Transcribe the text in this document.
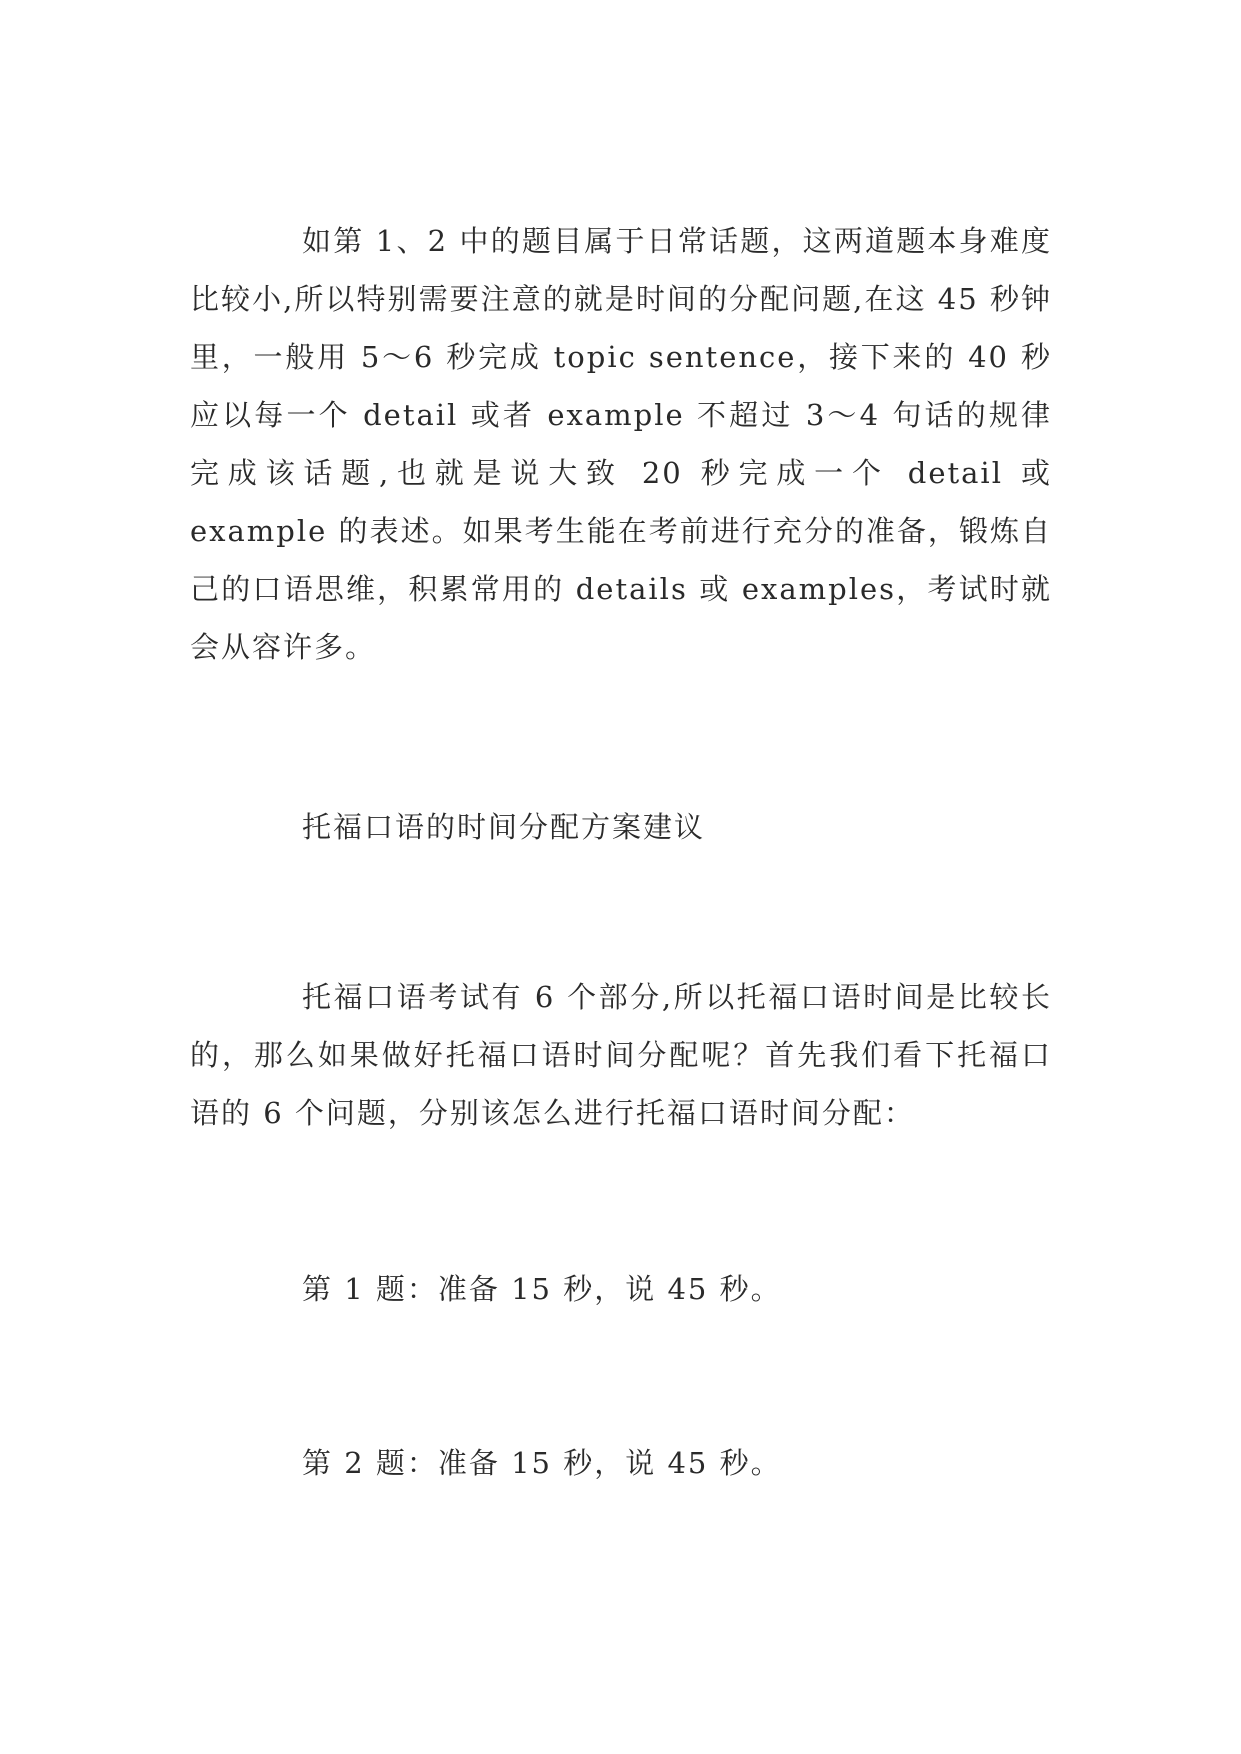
如第 1、2 中的题目属于日常话题，这两道题本身难度比较小,所以特别需要注意的就是时间的分配问题,在这 45 秒钟里，一般用 5～6 秒完成 topic sentence，接下来的 40 秒应以每一个 detail 或者 example 不超过 3～4 句话的规律完成该话题,也就是说大致 20 秒完成一个 detail 或 example 的表述。如果考生能在考前进行充分的准备，锻炼自己的口语思维，积累常用的 details 或 examples，考试时就会从容许多。

托福口语的时间分配方案建议

托福口语考试有 6 个部分,所以托福口语时间是比较长的，那么如果做好托福口语时间分配呢？首先我们看下托福口语的 6 个问题，分别该怎么进行托福口语时间分配：

第 1 题：准备 15 秒，说 45 秒。

第 2 题：准备 15 秒，说 45 秒。
